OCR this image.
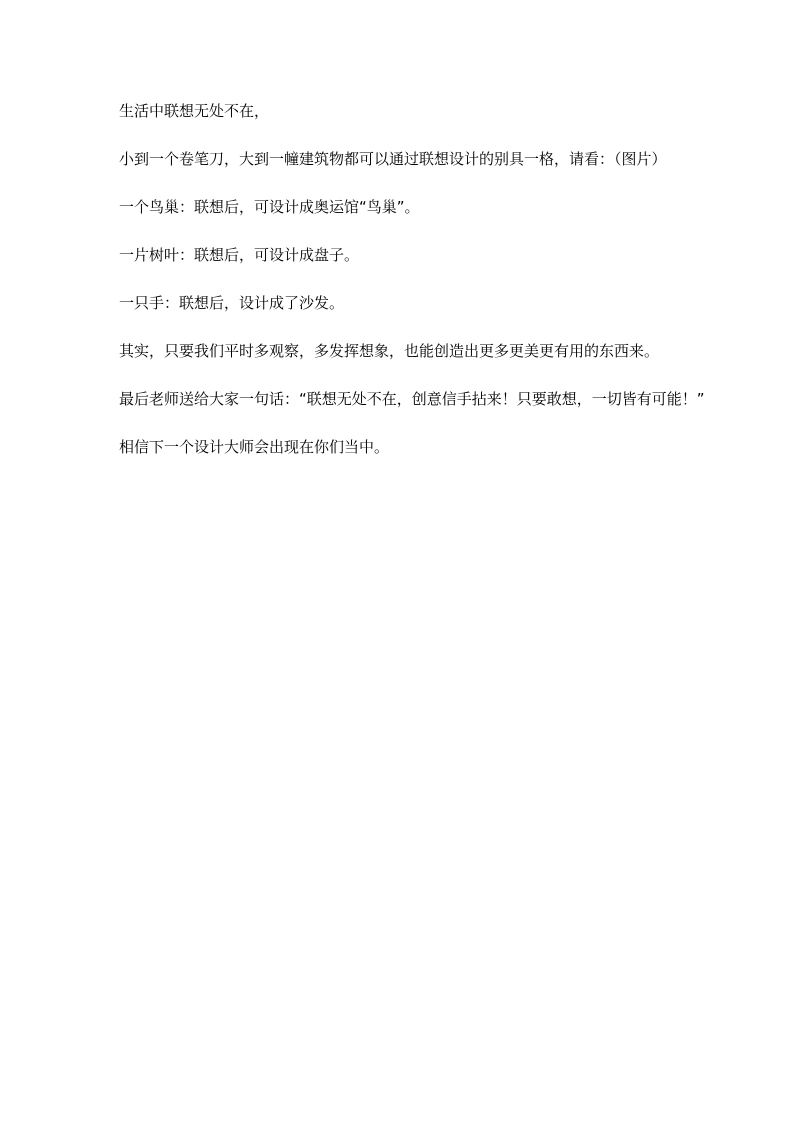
生活中联想无处不在，

小到一个卷笔刀，大到一幢建筑物都可以通过联想设计的别具一格，请看：（图片）

一个鸟巢：联想后，可设计成奥运馆“鸟巢”。

一片树叶：联想后，可设计成盘子。

一只手：联想后，设计成了沙发。

其实，只要我们平时多观察，多发挥想象，也能创造出更多更美更有用的东西来。

最后老师送给大家一句话：“联想无处不在，创意信手拈来！只要敢想，一切皆有可能！”

相信下一个设计大师会出现在你们当中。
